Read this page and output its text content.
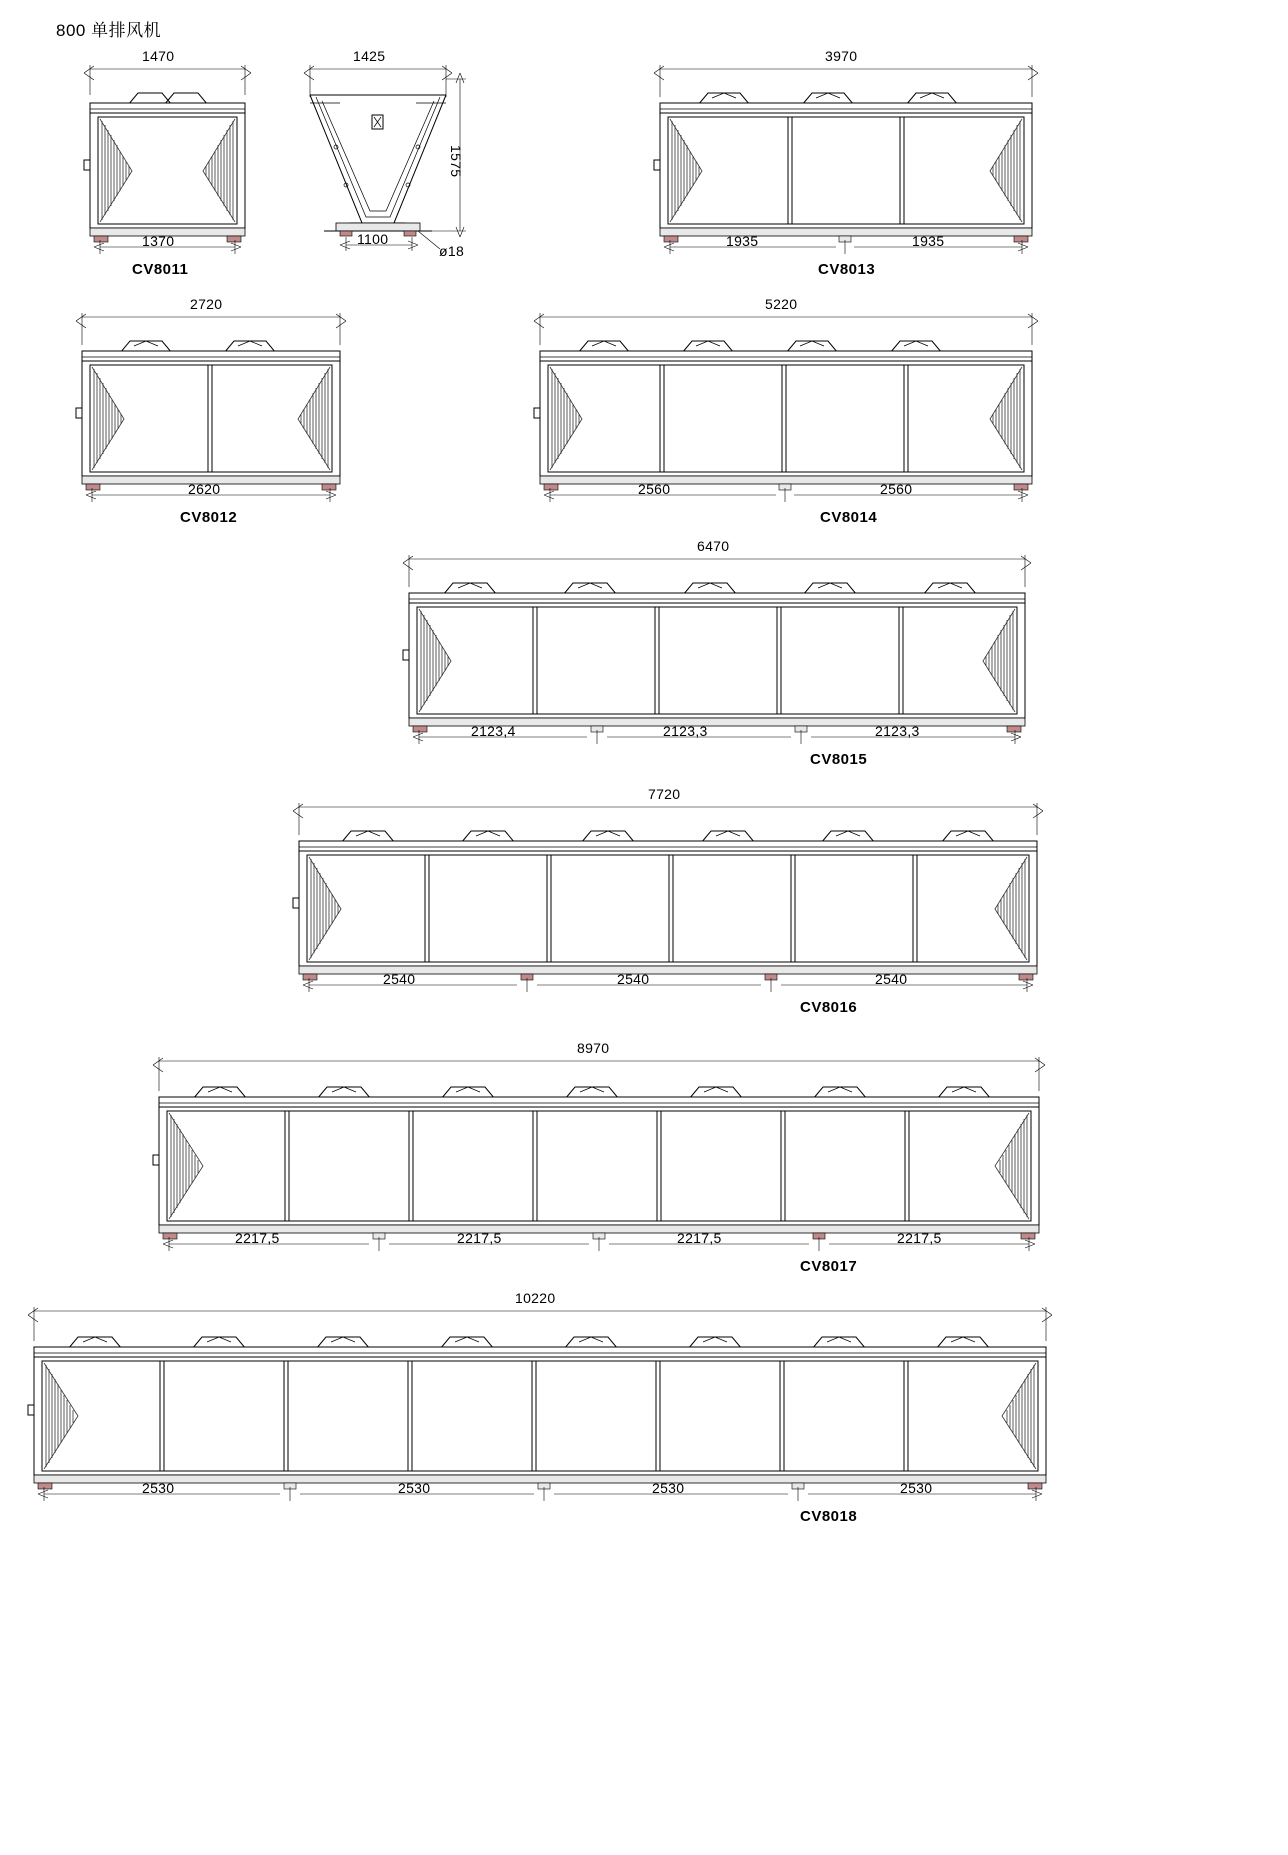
800 单排风机
1470
1370
CV8011
1425
1100
1575
ø18
3970
1935	1935
CV8013
2720
2620
CV8012
5220
2560	2560
CV8014
6470
2123,4	2123,3	2123,3
CV8015
7720
2540	2540	2540
CV8016
8970
2217,5	2217,5	2217,5	2217,5
CV8017
10220
2530	2530	2530	2530
CV8018
